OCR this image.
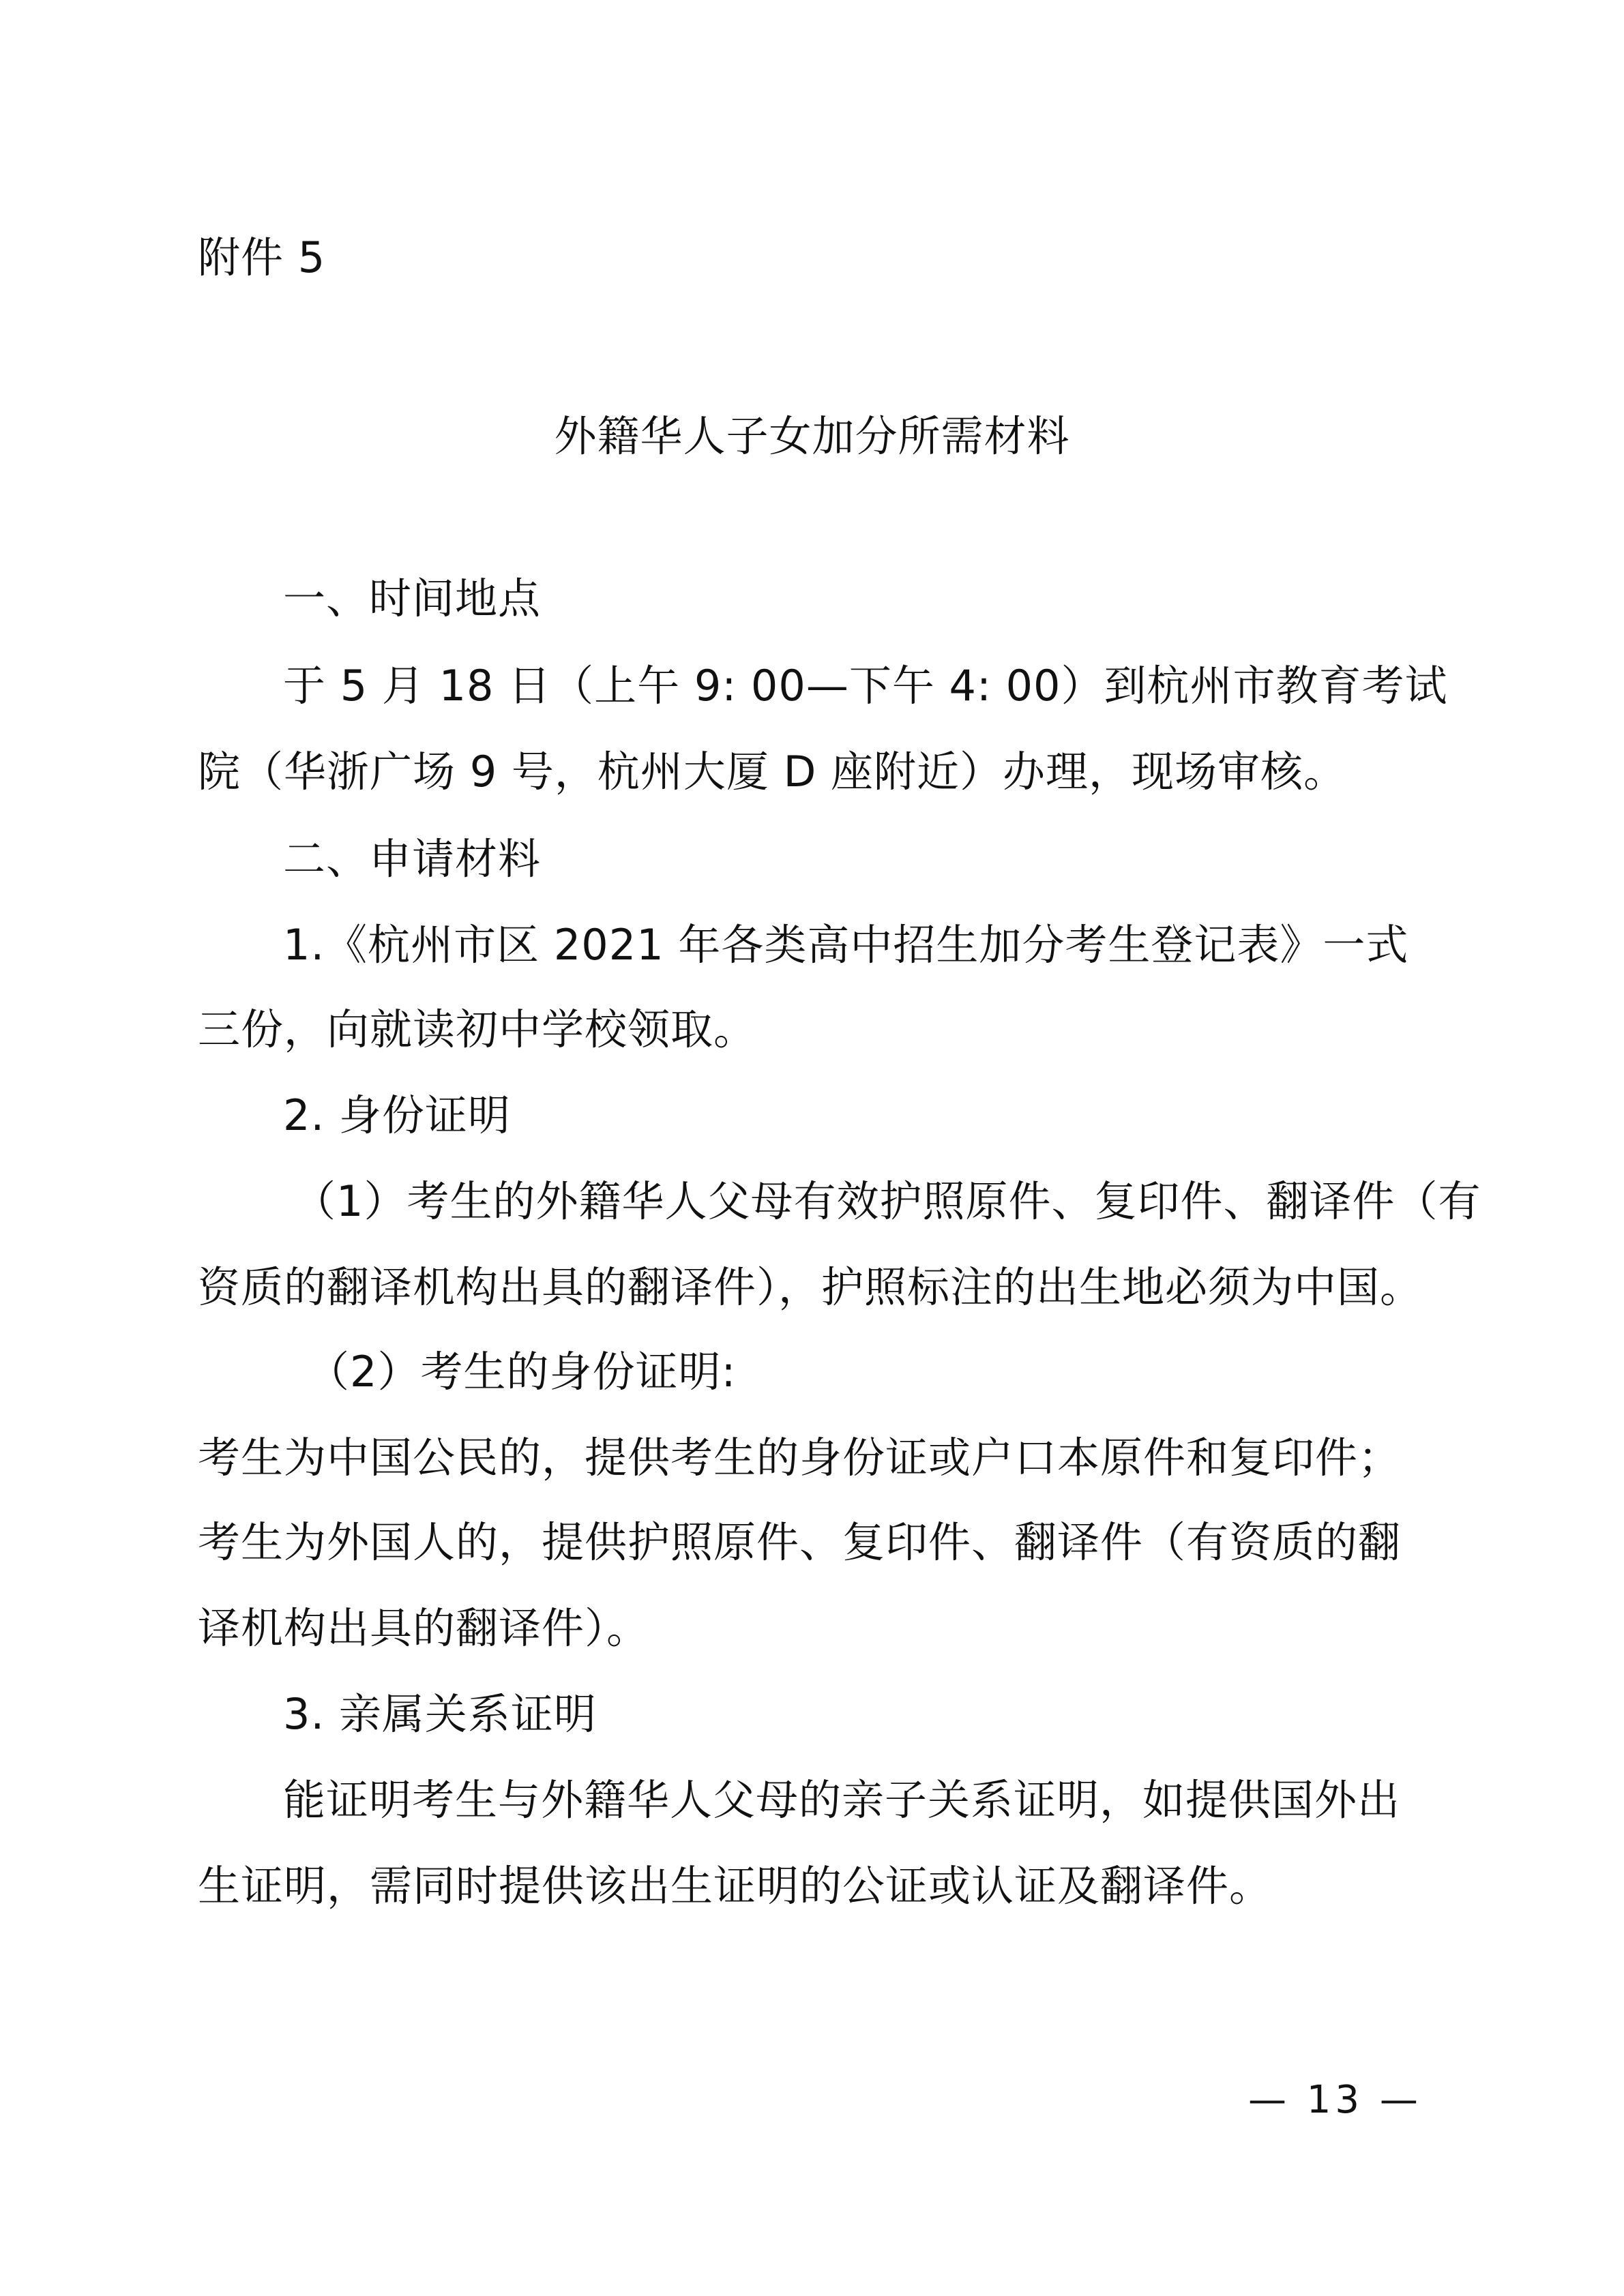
附件 5
外籍华人子女加分所需材料
一、时间地点
于 5 月 18 日（上午 9: 00—下午 4: 00）到杭州市教育考试
院（华浙广场 9 号，杭州大厦 D 座附近）办理，现场审核。
二、申请材料
1.《杭州市区 2021 年各类高中招生加分考生登记表》一式
三份，向就读初中学校领取。
2. 身份证明
（1）考生的外籍华人父母有效护照原件、复印件、翻译件（有
资质的翻译机构出具的翻译件），护照标注的出生地必须为中国。
（2）考生的身份证明:
考生为中国公民的，提供考生的身份证或户口本原件和复印件；
考生为外国人的，提供护照原件、复印件、翻译件（有资质的翻
译机构出具的翻译件）。
3. 亲属关系证明
能证明考生与外籍华人父母的亲子关系证明，如提供国外出
生证明，需同时提供该出生证明的公证或认证及翻译件。
— 13 —
